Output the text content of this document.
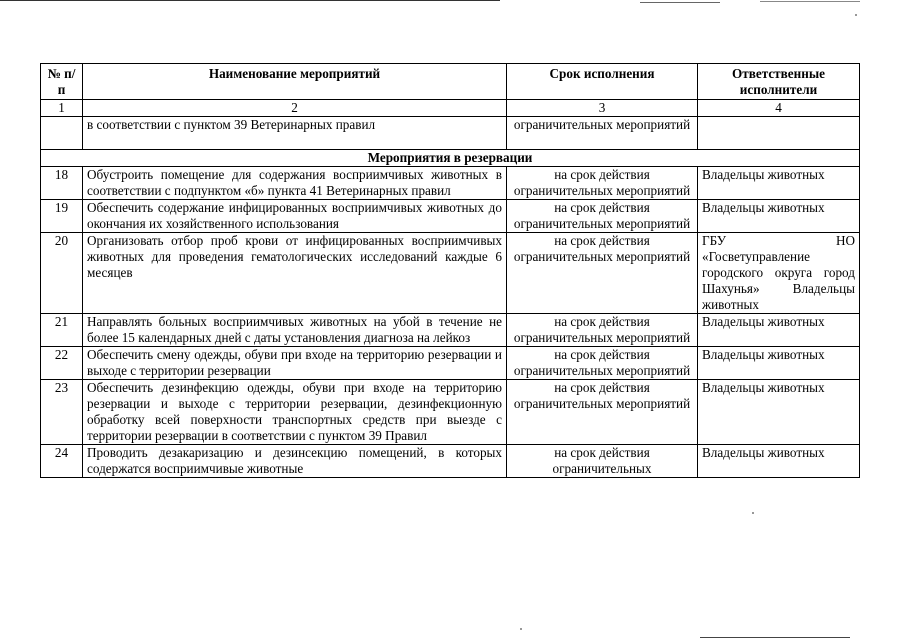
№ п/п	Наименование мероприятий	Срок исполнения	Ответственные исполнители
1	2	3	4
	в соответствии с пунктом 39 Ветеринарных правил	ограничительных мероприятий	
Мероприятия в резервации			
18	Обустроить помещение для содержания восприимчивых животных в соответствии с подпунктом «б» пункта 41 Ветеринарных правил	на срок действия ограничительных мероприятий	Владельцы животных
19	Обеспечить содержание инфицированных восприимчивых животных до окончания их хозяйственного использования	на срок действия ограничительных мероприятий	Владельцы животных
20	Организовать отбор проб крови от инфицированных восприимчивых животных для проведения гематологических исследований каждые 6 месяцев	на срок действия ограничительных мероприятий	ГБУ НО «Госветуправление городского округа город Шахунья» Владельцы животных
21	Направлять больных восприимчивых животных на убой в течение не более 15 календарных дней с даты установления диагноза на лейкоз	на срок действия ограничительных мероприятий	Владельцы животных
22	Обеспечить смену одежды, обуви при входе на территорию резервации и выходе с территории резервации	на срок действия ограничительных мероприятий	Владельцы животных
23	Обеспечить дезинфекцию одежды, обуви при входе на территорию резервации и выходе с территории резервации, дезинфекционную обработку всей поверхности транспортных средств при выезде с территории резервации в соответствии с пунктом 39 Правил	на срок действия ограничительных мероприятий	Владельцы животных
24	Проводить дезакаризацию и дезинсекцию помещений, в которых содержатся восприимчивые животные	на срок действия ограничительных	Владельцы животных
